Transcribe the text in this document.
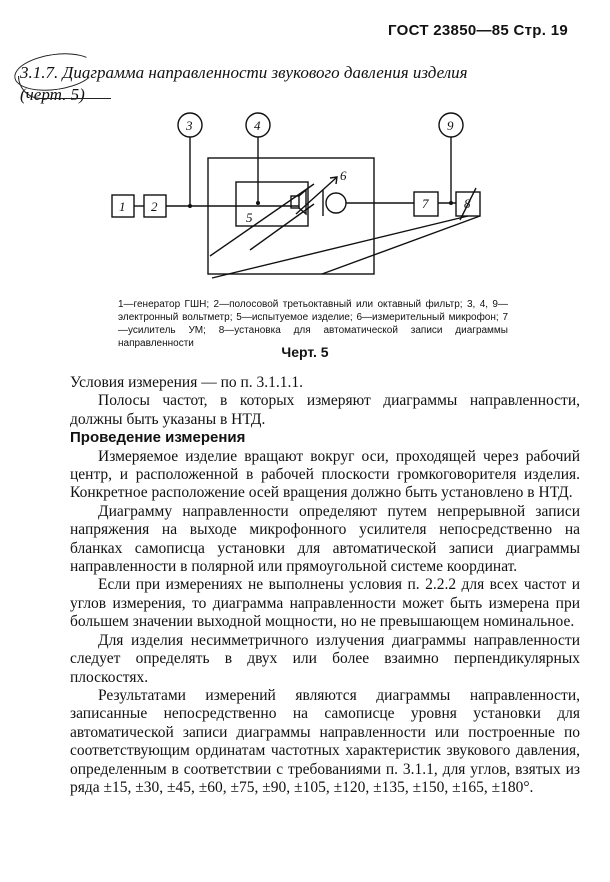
ГОСТ 23850—85 Стр. 19
3.1.7. Диаграмма направленности звукового давления изделия
(черт. 5)
1 2
3	4
5
6
7	8
9
1—генератор ГШН; 2—полосовой третьоктавный или октавный фильтр; 3, 4, 9—электронный вольтметр; 5—испытуемое изделие; 6—измерительный микрофон; 7—усилитель УМ; 8—установка для автоматической записи диаграммы направленности
Черт. 5

Условия измерения — по п. 3.1.1.1.

Полосы частот, в которых измеряют диаграммы направленности, должны быть указаны в НТД.

Проведение измерения

Измеряемое изделие вращают вокруг оси, проходящей через рабочий центр, и расположенной в рабочей плоскости громкоговорителя изделия. Конкретное расположение осей вращения должно быть установлено в НТД.

Диаграмму направленности определяют путем непрерывной записи напряжения на выходе микрофонного усилителя непосредственно на бланках самописца установки для автоматической записи диаграммы направленности в полярной или прямоугольной системе координат.

Если при измерениях не выполнены условия п. 2.2.2 для всех частот и углов измерения, то диаграмма направленности может быть измерена при большем значении выходной мощности, но не превышающем номинальное.

Для изделия несимметричного излучения диаграммы направленности следует определять в двух или более взаимно перпендикулярных плоскостях.

Результатами измерений являются диаграммы направленности, записанные непосредственно на самописце уровня установки для автоматической записи диаграммы направленности или построенные по соответствующим ординатам частотных характеристик звукового давления, определенным в соответствии с требованиями п. 3.1.1, для углов, взятых из ряда ±15, ±30, ±45, ±60, ±75, ±90, ±105, ±120, ±135, ±150, ±165, ±180°.
